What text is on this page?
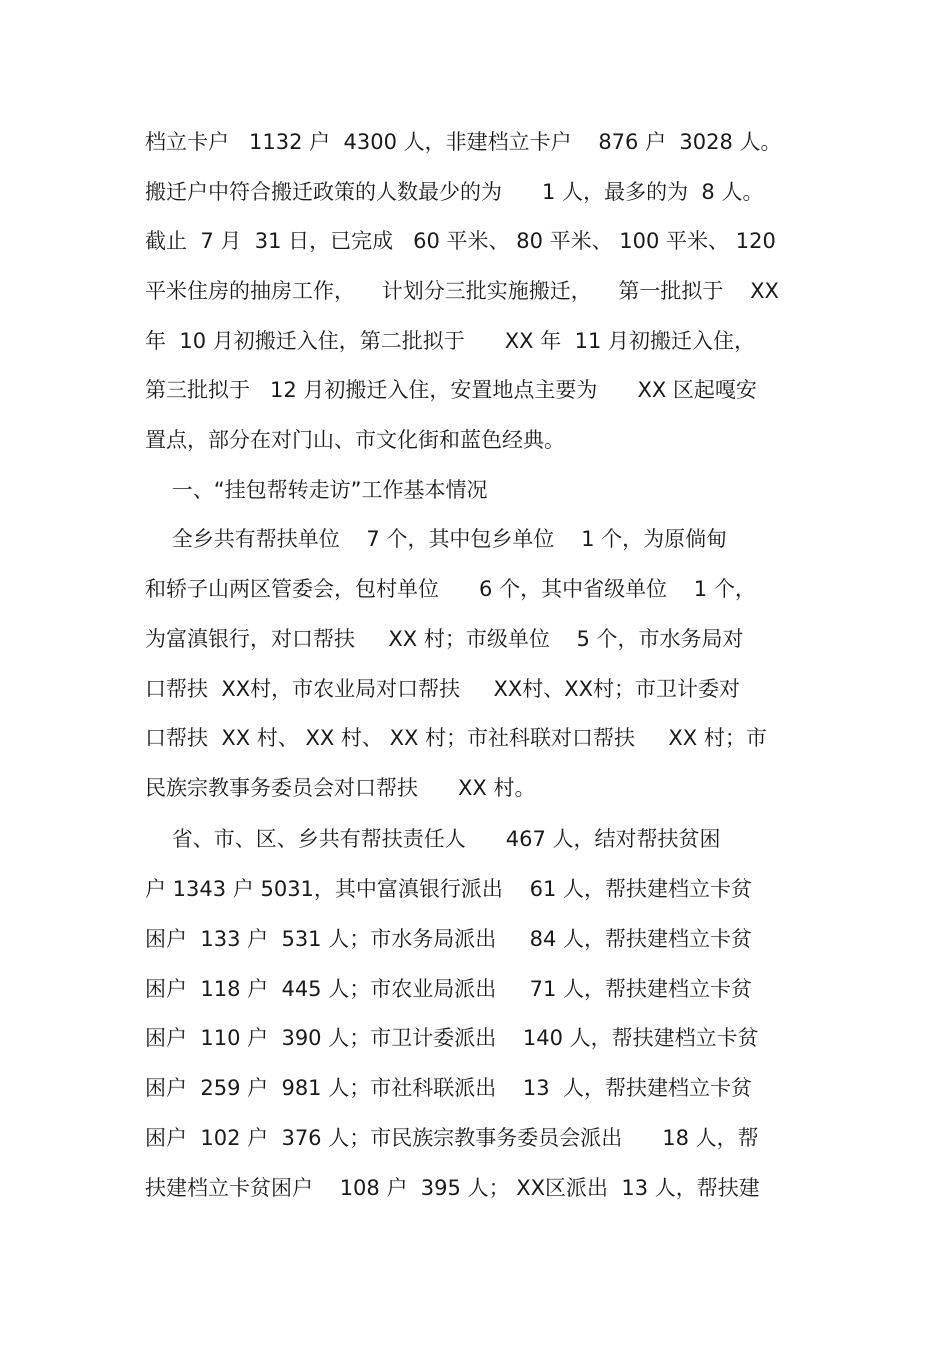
档立卡户   1132 户  4300 人，非建档立卡户    876 户  3028 人。
搬迁户中符合搬迁政策的人数最少的为      1 人，最多的为  8 人。
截止  7 月  31 日，已完成   60 平米、 80 平米、 100 平米、 120
平米住房的抽房工作，    计划分三批实施搬迁，    第一批拟于    XX
年  10 月初搬迁入住，第二批拟于      XX 年  11 月初搬迁入住，
第三批拟于   12 月初搬迁入住，安置地点主要为      XX 区起嘎安
置点，部分在对门山、市文化街和蓝色经典。
一、“挂包帮转走访”工作基本情况
全乡共有帮扶单位    7 个，其中包乡单位    1 个，为原倘甸
和轿子山两区管委会，包村单位      6 个，其中省级单位    1 个，
为富滇银行，对口帮扶     XX 村；市级单位    5 个，市水务局对
口帮扶  XX村，市农业局对口帮扶     XX村、XX村；市卫计委对
口帮扶  XX 村、 XX 村、 XX 村；市社科联对口帮扶     XX 村；市
民族宗教事务委员会对口帮扶      XX 村。
省、市、区、乡共有帮扶责任人      467 人，结对帮扶贫困
户 1343 户 5031，其中富滇银行派出    61 人，帮扶建档立卡贫
困户  133 户  531 人；市水务局派出     84 人，帮扶建档立卡贫
困户  118 户  445 人；市农业局派出     71 人，帮扶建档立卡贫
困户  110 户  390 人；市卫计委派出    140 人，帮扶建档立卡贫
困户  259 户  981 人；市社科联派出    13  人，帮扶建档立卡贫
困户  102 户  376 人；市民族宗教事务委员会派出      18 人，帮
扶建档立卡贫困户    108 户  395 人； XX区派出  13 人，帮扶建
